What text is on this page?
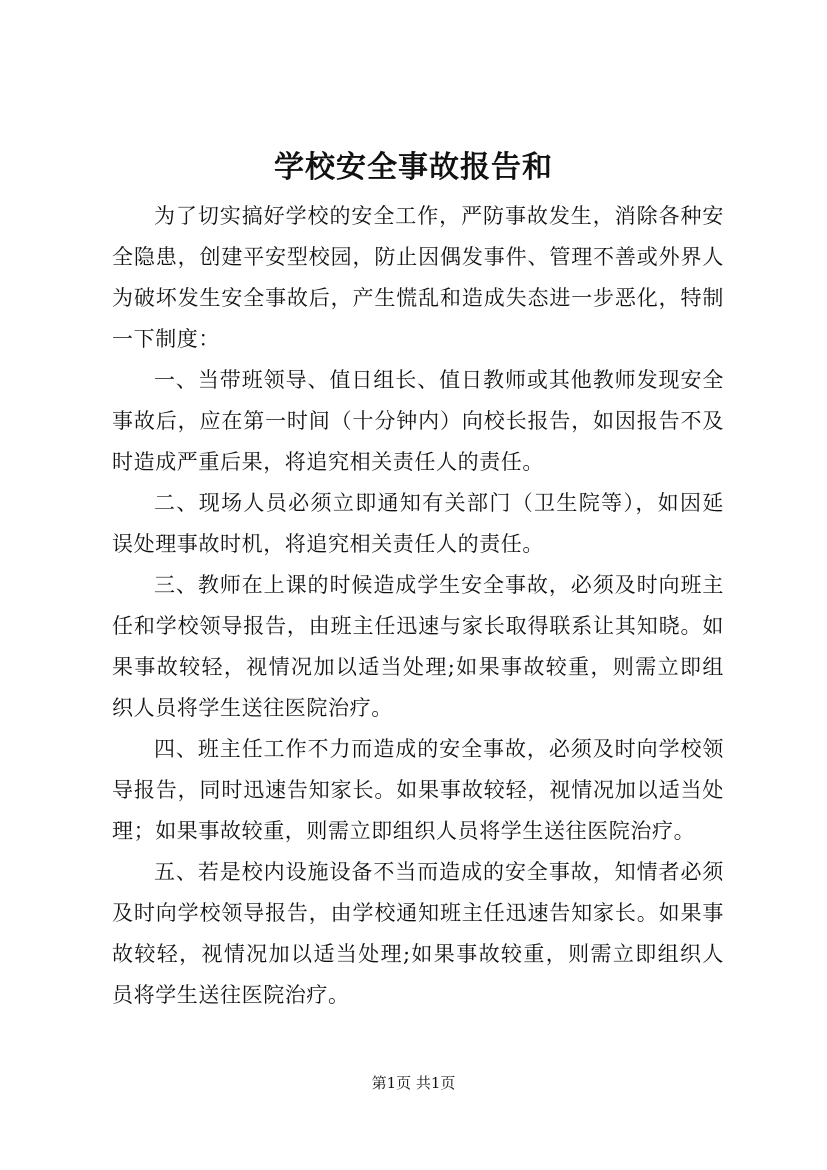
学校安全事故报告和

为了切实搞好学校的安全工作，严防事故发生，消除各种安全隐患，创建平安型校园，防止因偶发事件、管理不善或外界人为破坏发生安全事故后，产生慌乱和造成失态进一步恶化，特制一下制度：

一、当带班领导、值日组长、值日教师或其他教师发现安全事故后，应在第一时间（十分钟内）向校长报告，如因报告不及时造成严重后果，将追究相关责任人的责任。

二、现场人员必须立即通知有关部门（卫生院等），如因延误处理事故时机，将追究相关责任人的责任。

三、教师在上课的时候造成学生安全事故，必须及时向班主任和学校领导报告，由班主任迅速与家长取得联系让其知晓。如果事故较轻，视情况加以适当处理;如果事故较重，则需立即组织人员将学生送往医院治疗。

四、班主任工作不力而造成的安全事故，必须及时向学校领导报告，同时迅速告知家长。如果事故较轻，视情况加以适当处理；如果事故较重，则需立即组织人员将学生送往医院治疗。

五、若是校内设施设备不当而造成的安全事故，知情者必须及时向学校领导报告，由学校通知班主任迅速告知家长。如果事故较轻，视情况加以适当处理;如果事故较重，则需立即组织人员将学生送往医院治疗。

第1页 共1页
